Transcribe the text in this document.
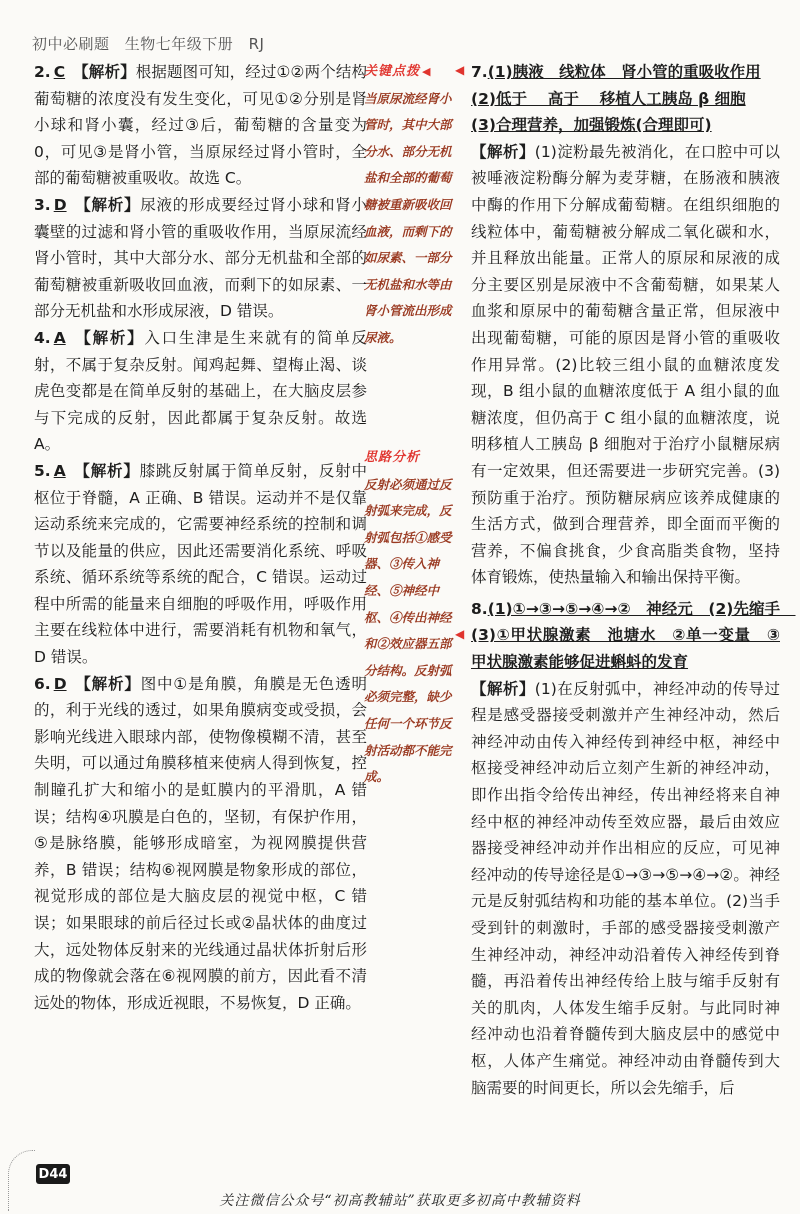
初中必刷题 生物七年级下册 RJ

2. C 【解析】根据题图可知，经过①②两个结构葡萄糖的浓度没有发生变化，可见①②分别是肾小球和肾小囊，经过③后，葡萄糖的含量变为0，可见③是肾小管，当原尿经过肾小管时，全部的葡萄糖被重吸收。故选 C。

3. D 【解析】尿液的形成要经过肾小球和肾小囊壁的过滤和肾小管的重吸收作用，当原尿流经肾小管时，其中大部分水、部分无机盐和全部的葡萄糖被重新吸收回血液，而剩下的如尿素、一部分无机盐和水形成尿液，D 错误。

4. A 【解析】入口生津是生来就有的简单反射，不属于复杂反射。闻鸡起舞、望梅止渴、谈虎色变都是在简单反射的基础上，在大脑皮层参与下完成的反射，因此都属于复杂反射。故选 A。

5. A 【解析】膝跳反射属于简单反射，反射中枢位于脊髓，A 正确、B 错误。运动并不是仅靠运动系统来完成的，它需要神经系统的控制和调节以及能量的供应，因此还需要消化系统、呼吸系统、循环系统等系统的配合，C 错误。运动过程中所需的能量来自细胞的呼吸作用，呼吸作用主要在线粒体中进行，需要消耗有机物和氧气，D 错误。

6. D 【解析】图中①是角膜，角膜是无色透明的，利于光线的透过，如果角膜病变或受损，会影响光线进入眼球内部，使物像模糊不清，甚至失明，可以通过角膜移植来使病人得到恢复，控制瞳孔扩大和缩小的是虹膜内的平滑肌，A 错误；结构④巩膜是白色的，坚韧，有保护作用，⑤是脉络膜，能够形成暗室，为视网膜提供营养，B 错误；结构⑥视网膜是物象形成的部位，视觉形成的部位是大脑皮层的视觉中枢，C 错误；如果眼球的前后径过长或②晶状体的曲度过大，远处物体反射来的光线通过晶状体折射后形成的物像就会落在⑥视网膜的前方，因此看不清远处的物体，形成近视眼，不易恢复，D 正确。

关键点拨 ◀
当原尿流经肾小管时，其中大部分水、部分无机盐和全部的葡萄糖被重新吸收回血液，而剩下的如尿素、一部分无机盐和水等由肾小管流出形成尿液。
思路分析
反射必须通过反射弧来完成，反射弧包括①感受器、③传入神经、⑤神经中枢、④传出神经和②效应器五部分结构。反射弧必须完整，缺少任何一个环节反射活动都不能完成。
7.(1)胰液　线粒体　肾小管的重吸收作用
(2)低于　 高于　 移植人工胰岛 β 细胞
(3)合理营养，加强锻炼(合理即可)

【解析】(1)淀粉最先被消化，在口腔中可以被唾液淀粉酶分解为麦芽糖，在肠液和胰液中酶的作用下分解成葡萄糖。在组织细胞的线粒体中，葡萄糖被分解成二氧化碳和水，并且释放出能量。正常人的原尿和尿液的成分主要区别是尿液中不含葡萄糖，如果某人血浆和原尿中的葡萄糖含量正常，但尿液中出现葡萄糖，可能的原因是肾小管的重吸收作用异常。(2)比较三组小鼠的血糖浓度发现，B 组小鼠的血糖浓度低于 A 组小鼠的血糖浓度，但仍高于 C 组小鼠的血糖浓度，说明移植人工胰岛 β 细胞对于治疗小鼠糖尿病有一定效果，但还需要进一步研究完善。(3)预防重于治疗。预防糖尿病应该养成健康的生活方式，做到合理营养，即全面而平衡的营养，不偏食挑食，少食高脂类食物，坚持体育锻炼，使热量输入和输出保持平衡。

8.(1)①→③→⑤→④→②　神经元　(2)先缩手　(3)①甲状腺激素　池塘水　②单一变量　③甲状腺激素能够促进蝌蚪的发育

【解析】(1)在反射弧中，神经冲动的传导过程是感受器接受刺激并产生神经冲动，然后神经冲动由传入神经传到神经中枢，神经中枢接受神经冲动后立刻产生新的神经冲动，即作出指令给传出神经，传出神经将来自神经中枢的神经冲动传至效应器，最后由效应器接受神经冲动并作出相应的反应，可见神经冲动的传导途径是①→③→⑤→④→②。神经元是反射弧结构和功能的基本单位。(2)当手受到针的刺激时，手部的感受器接受刺激产生神经冲动，神经冲动沿着传入神经传到脊髓，再沿着传出神经传给上肢与缩手反射有关的肌肉，人体发生缩手反射。与此同时神经冲动也沿着脊髓传到大脑皮层中的感觉中枢，人体产生痛觉。神经冲动由脊髓传到大脑需要的时间更长，所以会先缩手，后

◀
◀
D44
关注微信公众号“初高教辅站”获取更多初高中教辅资料
